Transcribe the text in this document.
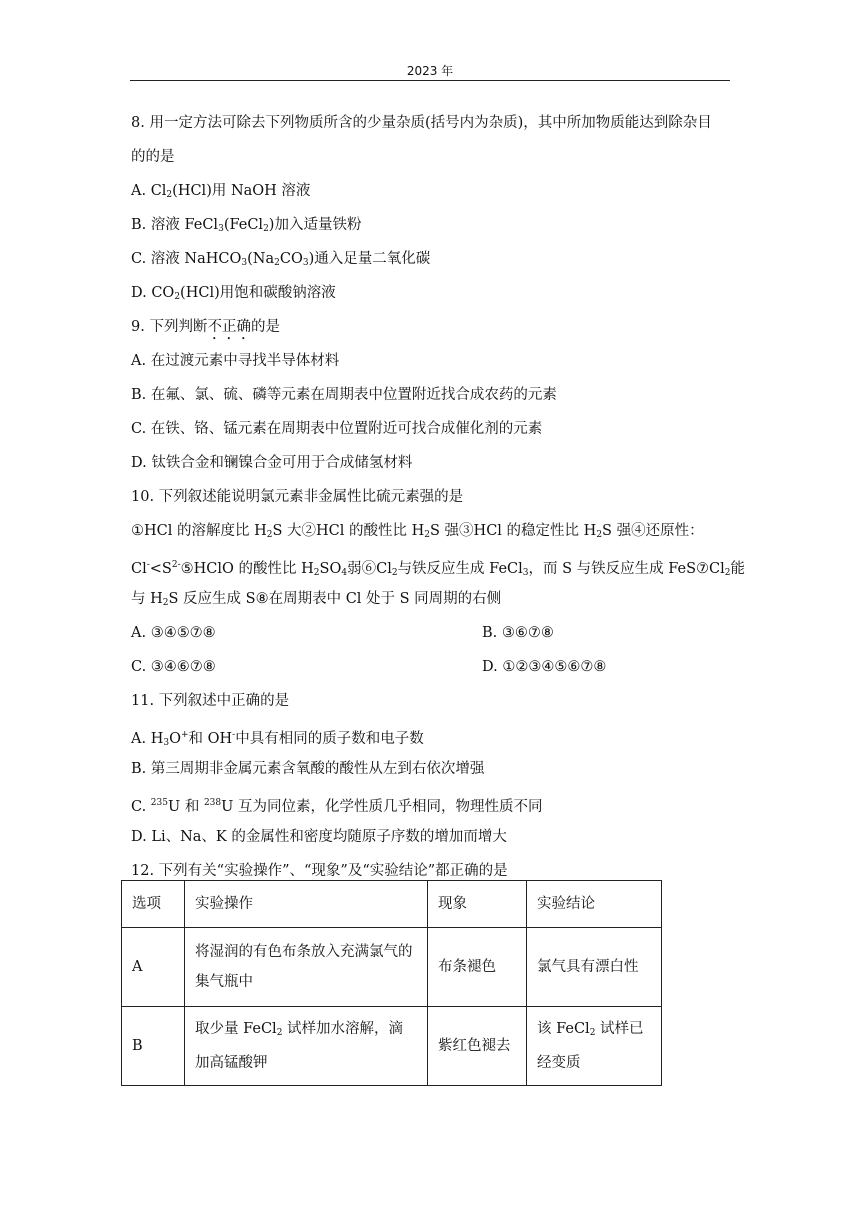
2023 年
8. 用一定方法可除去下列物质所含的少量杂质(括号内为杂质)，其中所加物质能达到除杂目
的的是
A. $Cl_2(HCl)$用 NaOH 溶液
B. 溶液 FeCl$_3$(FeCl$_2$)加入适量铁粉
C. 溶液 $NaHCO_3(Na_2CO_3)$通入足量二氧化碳
D. $CO_2(HCl)$用饱和碳酸钠溶液
9. 下列判断不正确的是
A. 在过渡元素中寻找半导体材料
B. 在氟、氯、硫、磷等元素在周期表中位置附近找合成农药的元素
C. 在铁、铬、锰元素在周期表中位置附近可找合成催化剂的元素
D. 钛铁合金和镧镍合金可用于合成储氢材料
10. 下列叙述能说明氯元素非金属性比硫元素强的是
①HCl 的溶解度比 $H_2S$ 大②HCl 的酸性比 $H_2S$ 强③HCl 的稳定性比 $H_2S$ 强④还原性：
$Cl^-<S^{2-}⑤HClO$ 的酸性比 $H_2SO_4$弱$⑥Cl_2$与铁反应生成 FeCl$_3$，而 S 与铁反应生成 $FeS⑦Cl_2$能
与 $H_2S$ 反应生成 S⑧在周期表中 Cl 处于 S 同周期的右侧
A. ③④⑤⑦⑧	B. ③⑥⑦⑧
C. ③④⑥⑦⑧	D. ①②③④⑤⑥⑦⑧
11. 下列叙述中正确的是
A. $H_3O^+$和 OH-中具有相同的质子数和电子数
B. 第三周期非金属元素含氧酸的酸性从左到右依次增强
C. $^{235}$U 和 $^{238}$U 互为同位素，化学性质几乎相同，物理性质不同
D. Li、Na、K 的金属性和密度均随原子序数的增加而增大
12. 下列有关“实验操作”、“现象”及“实验结论”都正确的是
选项	实验操作	现象	实验结论
A	将湿润的有色布条放入充满氯气的集气瓶中	布条褪色	氯气具有漂白性
B	取少量 FeCl$_2$ 试样加水溶解，滴加高锰酸钾	紫红色褪去	该 FeCl$_2$ 试样已经变质
